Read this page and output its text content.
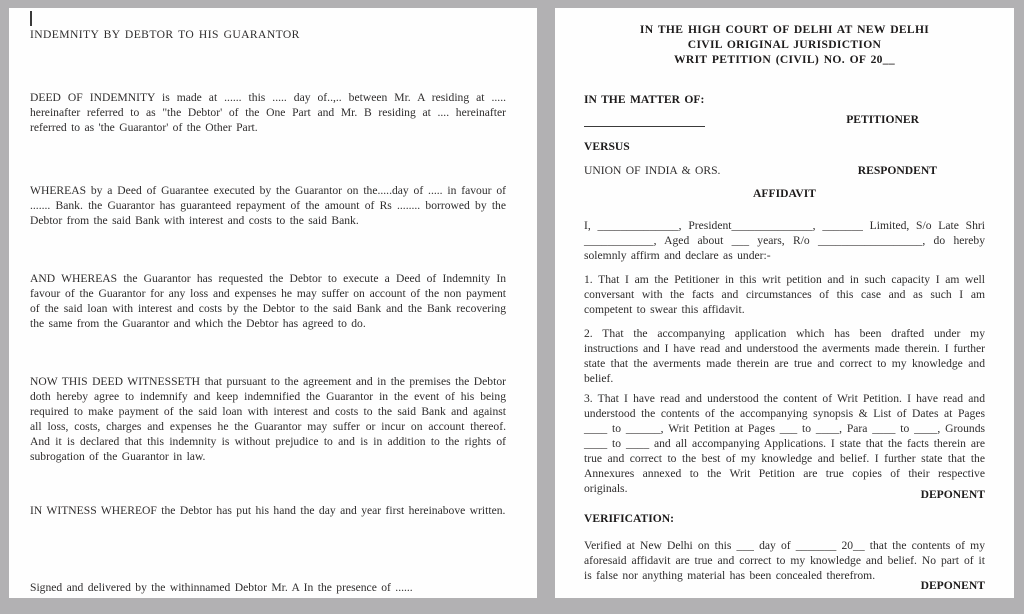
INDEMNITY BY DEBTOR TO HIS GUARANTOR

DEED OF INDEMNITY is made at ...... this ..... day of..,.. between Mr. A residing at ..... hereinafter referred to as "the Debtor' of the One Part and Mr. B residing at .... hereinafter referred to as 'the Guarantor' of the Other Part.

WHEREAS by a Deed of Guarantee executed by the Guarantor on the.....day of ..... in favour of ....... Bank. the Guarantor has guaranteed repayment of the amount of Rs ........ borrowed by the Debtor from the said Bank with interest and costs to the said Bank.

AND WHEREAS the Guarantor has requested the Debtor to execute a Deed of Indemnity In favour of the Guarantor for any loss and expenses he may suffer on account of the non payment of the said loan with interest and costs by the Debtor to the said Bank and the Bank recovering the same from the Guarantor and which the Debtor has agreed to do.

NOW THIS DEED WITNESSETH that pursuant to the agreement and in the premises the Debtor doth hereby agree to indemnify and keep indemnified the Guarantor in the event of his being required to make payment of the said loan with interest and costs to the said Bank and against all loss, costs, charges and expenses he the Guarantor may suffer or incur on account thereof. And it is declared that this indemnity is without prejudice to and is in addition to the rights of subrogation of the Guarantor in law.

IN WITNESS WHEREOF the Debtor has put his hand the day and year first hereinabove written.

Signed and delivered by the withinnamed Debtor Mr. A In the presence of ......

IN THE HIGH COURT OF DELHI AT NEW DELHI
CIVIL ORIGINAL JURISDICTION
WRIT PETITION (CIVIL) NO. OF 20__
IN THE MATTER OF:
PETITIONER
VERSUS
UNION OF INDIA & ORS.	RESPONDENT
AFFIDAVIT

I, ______________, President______________, _______ Limited, S/o Late Shri ____________, Aged about ___ years, R/o __________________, do hereby solemnly affirm and declare as under:-

1. That I am the Petitioner in this writ petition and in such capacity I am well conversant with the facts and circumstances of this case and as such I am competent to swear this affidavit.

2. That the accompanying application which has been drafted under my instructions and I have read and understood the averments made therein. I further state that the averments made therein are true and correct to my knowledge and belief.

3. That I have read and understood the content of Writ Petition. I have read and understood the contents of the accompanying synopsis & List of Dates at Pages ____ to ______, Writ Petition at Pages ___ to ____, Para ____ to ____, Grounds ____ to ____ and all accompanying Applications. I state that the facts therein are true and correct to the best of my knowledge and belief. I further state that the Annexures annexed to the Writ Petition are true copies of their respective originals.	DEPONENT
VERIFICATION:

Verified at New Delhi on this ___ day of _______ 20__ that the contents of my aforesaid affidavit are true and correct to my knowledge and belief. No part of it is false nor anything material has been concealed therefrom.

DEPONENT
